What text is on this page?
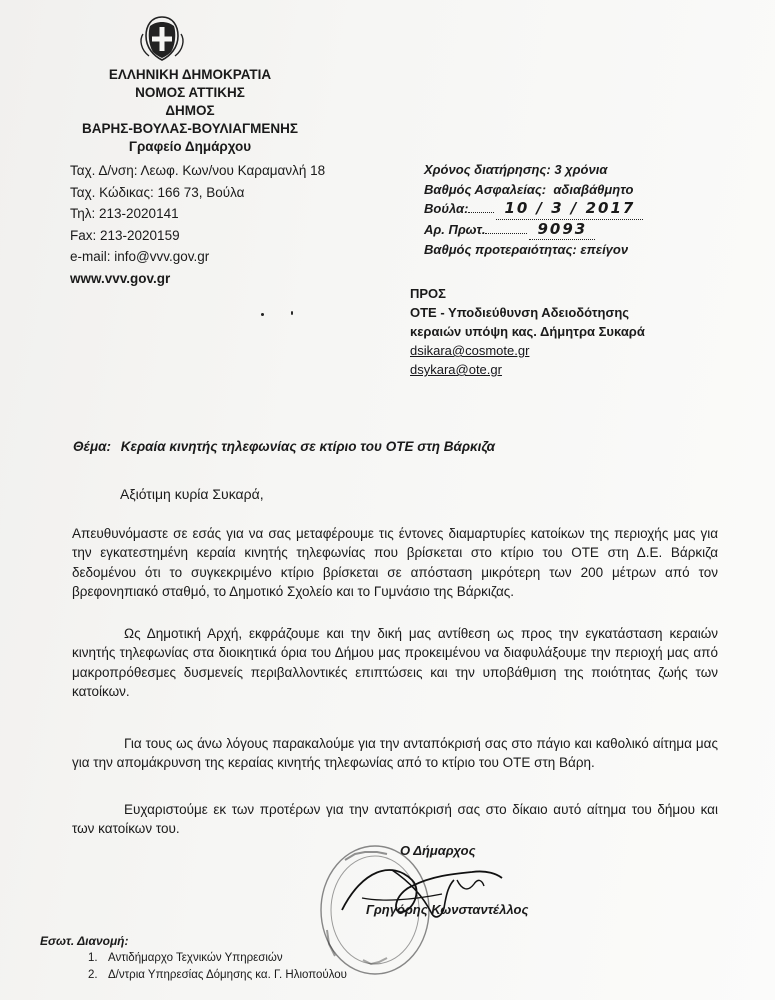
ΕΛΛΗΝΙΚΗ ΔΗΜΟΚΡΑΤΙΑ
ΝΟΜΟΣ ΑΤΤΙΚΗΣ
ΔΗΜΟΣ
ΒΑΡΗΣ-ΒΟΥΛΑΣ-ΒΟΥΛΙΑΓΜΕΝΗΣ
Γραφείο Δημάρχου
Ταχ. Δ/νση: Λεωφ. Κων/νου Καραμανλή 18
Ταχ. Κώδικας: 166 73, Βούλα
Τηλ: 213-2020141
Fax: 213-2020159
e-mail: info@vvv.gov.gr
www.vvv.gov.gr
Χρόνος διατήρησης:
3 χρόνια
Βαθμός Ασφαλείας:
αδιαβάθμητο
Βούλα:	10 / 3 / 2017
Αρ. Πρωτ.	9093
Βαθμός προτεραιότητας:
επείγον
ΠΡΟΣ
ΟΤΕ - Υποδιεύθυνση Αδειοδότησης
κεραιών υπόψη κας. Δήμητρα Συκαρά
dsikara@cosmote.gr
dsykara@ote.gr
Θέμα: Κεραία κινητής τηλεφωνίας σε κτίριο του ΟΤΕ στη Βάρκιζα
Αξιότιμη κυρία Συκαρά,
Απευθυνόμαστε σε εσάς για να σας μεταφέρουμε τις έντονες διαμαρτυρίες κατοίκων της περιοχής μας για την εγκατεστημένη κεραία κινητής τηλεφωνίας που βρίσκεται στο κτίριο του ΟΤΕ στη Δ.Ε. Βάρκιζα δεδομένου ότι το συγκεκριμένο κτίριο βρίσκεται σε απόσταση μικρότερη των 200 μέτρων από τον βρεφονηπιακό σταθμό, το Δημοτικό Σχολείο και το Γυμνάσιο της Βάρκιζας.
Ως Δημοτική Αρχή, εκφράζουμε και την δική μας αντίθεση ως προς την εγκατάσταση κεραιών κινητής τηλεφωνίας στα διοικητικά όρια του Δήμου μας προκειμένου να διαφυλάξουμε την περιοχή μας από μακροπρόθεσμες δυσμενείς περιβαλλοντικές επιπτώσεις και την υποβάθμιση της ποιότητας ζωής των κατοίκων.
Για τους ως άνω λόγους παρακαλούμε για την ανταπόκρισή σας στο πάγιο και καθολικό αίτημα μας για την απομάκρυνση της κεραίας κινητής τηλεφωνίας από το κτίριο του ΟΤΕ στη Βάρη.
Ευχαριστούμε εκ των προτέρων για την ανταπόκρισή σας στο δίκαιο αυτό αίτημα του δήμου και των κατοίκων του.
Ο Δήμαρχος
Γρηγόρης Κωνσταντέλλος
Εσωτ. Διανομή:
1. Αντιδήμαρχο Τεχνικών Υπηρεσιών
2. Δ/ντρια Υπηρεσίας Δόμησης κα. Γ. Ηλιοπούλου
